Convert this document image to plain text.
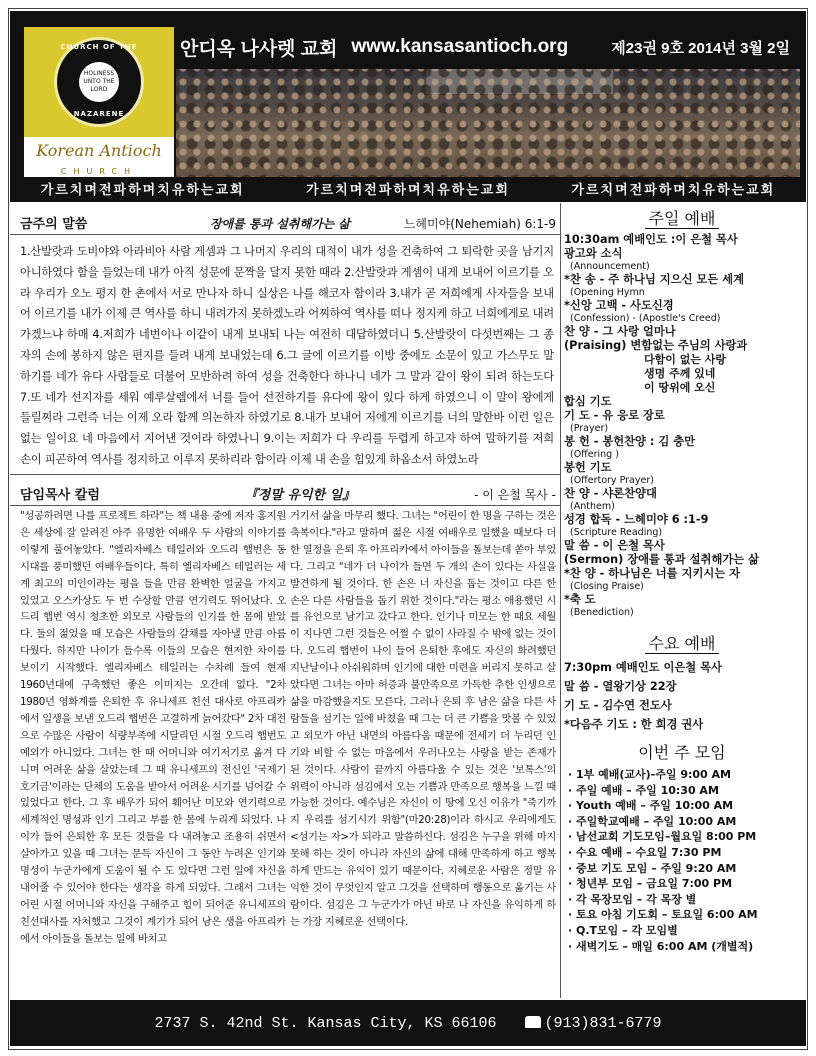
CHURCH OF THE
HOLINESS UNTO THE LORD
NAZARENE
Korean Antioch
CHURCH
안디옥 나사렛 교회 www.kansasantioch.org	제23권 9호 2014년 3월 2일
가르치며전파하며치유하는교회	가르치며전파하며치유하는교회	가르치며전파하며치유하는교회
금주의 말씀	장애를 통과 설취해가는 삶	느헤미야(Nehemiah) 6:1-9
1.산발랏과 도비야와 아라비아 사람 게셈과 그 나머지 우리의 대적이 내가 성을 건축하여 그 퇴락한 곳을 남기지 아니하였다 함을 들었는데 내가 아직 성문에 문짝을 달지 못한 때라 2.산발랏과 게셈이 내게 보내어 이르기를 오라 우리가 오노 평지 한 촌에서 서로 만나자 하니 실상은 나를 해코자 함이라 3.내가 곧 저희에게 사자들을 보내어 이르기를 내가 이제 큰 역사를 하니 내려가지 못하겠노라 어찌하여 역사를 떠나 정지케 하고 너희에게로 내려 가겠느냐 하매 4.저희가 네번이나 이같이 내게 보내되 나는 여전히 대답하였더니 5.산발랏이 다섯번째는 그 종자의 손에 봉하지 않은 편지를 들려 내게 보내었는데 6.그 글에 이르기를 이방 중에도 소문이 있고 가스무도 말하기를 네가 유다 사람들로 더불어 모반하려 하여 성을 건축한다 하나니 네가 그 말과 같이 왕이 되려 하는도다 7.또 네가 선지자를 세워 예루살렘에서 너를 들어 선전하기를 유다에 왕이 있다 하게 하였으니 이 말이 왕에게 들릴찌라 그런즉 너는 이제 오라 함께 의논하자 하였기로 8.내가 보내어 저에게 이르기를 너의 말한바 이런 일은 없는 일이요 네 마음에서 지어낸 것이라 하였나니 9.이는 저희가 다 우리를 두렵게 하고자 하여 말하기를 저희 손이 피곤하여 역사를 정지하고 이루지 못하리라 함이라 이제 내 손을 힘있게 하옵소서 하였노라
담임목사 칼럼	『정말 유익한 일』	- 이 은철 목사 -
"성공하려면 나를 프로젝트 하라"는 책 내용 중에 저자 홍지원은 세상에 잘 알려진 아주 유명한 여배우 두 사람의 이야기를 이렇게 풀어놓았다. "엘리자베스 테일러와 오드리 햅번은 동시대를 풍미했던 여배우들이다. 특히 엘리자베스 테일러는 세계 최고의 미인이라는 평을 들을 만큼 완벽한 얼굴을 가지고 있었고 오스카상도 두 번 수상할 만큼 연기력도 뛰어났다. 오드리 햅번 역시 청초한 외모로 사람들의 인기를 한 몸에 받았다. 둘의 젊었을 때 모습은 사람들의 갈채를 자아낼 만큼 아름다웠다. 하지만 나이가 들수록 이들의 모습은 현저한 차이를 보이기 시작했다. 엘리자베스 테일러는 수차례 들여 현재 1960년대에 구축했던 좋은 이미지는 오간데 없다. "2차 1980년 영화계를 은퇴한 후 유니세프 친선 대사로 아프리카에서 일생을 보낸 오드리 햅번은 고결하게 늙어갔다" 2차 대전으로 수많은 사람이 식량부족에 시달리던 시절 오드리 햅번도 예외가 아니었다. 그녀는 한 때 어머니와 여기저기로 옮겨 다니며 어려운 삶을 살았는데 그 때 유니세프의 전신인 '국제기호기금'이라는 단체의 도움을 받아서 어려운 시기를 넘어갈 수 있었다고 한다. 그 후 배우가 되어 훼어난 미모와 연기력으로 세계적인 명성과 인기 그리고 부를 한 몸에 누리게 되었다. 나이가 들어 은퇴한 후 모든 것들을 다 내려놓고 조용히 쉬면서 살아가고 있을 때 그녀는 문득 자신이 그 동안 누려온 인기와 명성이 누군가에게 도움이 될 수 도 있다면 그런 일에 자신을 내어줄 수 있어야 한다는 생각을 하게 되었다. 그래서 그녀는 어린 시절 어머니와 자신을 구해주고 힘이 되어준 유니세프의 친선대사를 자처했고 그것이 계기가 되어 남은 생을 아프리카에서 아이들을 돌보는 일에 바치고
거기서 삶을 마무리 했다. 그녀는 "어린이 한 명을 구하는 것은 축복이다."라고 말하며 젊은 시절 여배우로 일했을 때보다 더 한 열정을 은퇴 후 아프리카에서 아이들을 돌보는데 쏟아 부었다. 그리고 "네가 더 나이가 들면 두 개의 손이 있다는 사실을 발견하게 될 것이다. 한 손은 너 자신을 돕는 것이고 다른 한 손은 다른 사람들을 돕기 위한 것이다."라는 평소 애용했던 시를 유언으로 남기고 갔다고 한다. 인기나 미모는 한 때요 세월이 지나면 그런 것들은 어쩔 수 없이 사라질 수 밖에 없는 것이다. 오드리 햅번이 나이 들어 은퇴한 후에도 자신의 화려했던 지난날이나 아쉬워하며 인기에 대한 미련을 버리지 못하고 살았다면 그녀는 아마 허증과 불만족으로 가득한 추한 인생으로 삶을 마감했을지도 모른다. 그러나 은퇴 후 남은 삶을 다른 사람들을 섬기는 일에 바쳤을 때 그는 더 큰 기쁨을 맛볼 수 있었고 외모가 아닌 내면의 아름다움 때문에 전세기 더 누리던 인기와 비할 수 없는 마음에서 우러나오는 사랑을 받는 존재가 된 것이다. 사람이 끝까지 아름다울 수 있는 것은 '보톡스'의 위력이 아니라 섬김에서 오는 기쁨과 만족으로 행복을 느낄 때 가능한 것이다. 예수님은 자신이 이 땅에 오신 이유가 "죽기까지 우리를 섬기시기 위함"(마20:28)이라 하시고 우리에게도 <섬기는 자>가 되라고 말씀하신다. 섬김은 누구을 위해 마지못해 하는 것이 아니라 자신의 삶에 대해 만족하게 하고 행복하게 만드는 유익이 있기 때문이다. 지혜로운 사람은 정말 유익한 것이 무엇인지 알고 그것을 선택하며 행동으로 옮기는 사람이다. 섬김은 그 누군가가 아닌 바로 나 자신을 유익하게 하는 가장 지혜로운 선택이다.
주일 예배
10:30am 예배인도 :이 은철 목사
광고와 소식
(Announcement)
*찬 송 - 주 하나님 지으신 모든 세계
(Opening Hymn
*신앙 고백 - 사도신경
(Confession) - (Apostle's Creed)
찬 양 - 그 사랑 얼마나
(Praising) 변함없는 주님의 사랑과
다함이 없는 사랑
생명 주께 있네
이 땅위에 오신
합심 기도
기 도 - 유 응로 장로
(Prayer)
봉 헌 - 봉헌찬양 : 김 충만
(Offering )
봉헌 기도
(Offertory Prayer)
찬 양 - 샤론찬양대
(Anthem)
성경 합독 - 느헤미야 6 :1-9
(Scripture Reading)
말 씀 - 이 은철 목사
(Sermon) 장애를 통과 설취해가는 삶
*찬 양 - 하나님은 너를 지키시는 자
(Closing Praise)
*축 도
(Benediction)
수요 예배
7:30pm 예배인도 이은철 목사
말 씀 - 열왕기상 22장
기 도 - 김수연 전도사
*다음주 기도 : 한 희경 권사
이번 주 모임
· 1부 예배(교사)-주일 9:00 AM
· 주일 예배 – 주일 10:30 AM
· Youth 예배 – 주일 10:00 AM
· 주일학교예배 – 주일 10:00 AM
· 남선교회 기도모임–월요일 8:00 PM
· 수요 예배 – 수요일 7:30 PM
· 중보 기도 모임 – 주일 9:20 AM
· 청년부 모임 – 금요일 7:00 PM
· 각 목장모임 – 각 목장 별
· 토요 아침 기도회 – 토요일 6:00 AM
· Q.T모임 – 각 모임별
· 새벽기도 – 매일 6:00 AM (개별적)
2737 S. 42nd St. Kansas City, KS 66106	(913)831-6779
